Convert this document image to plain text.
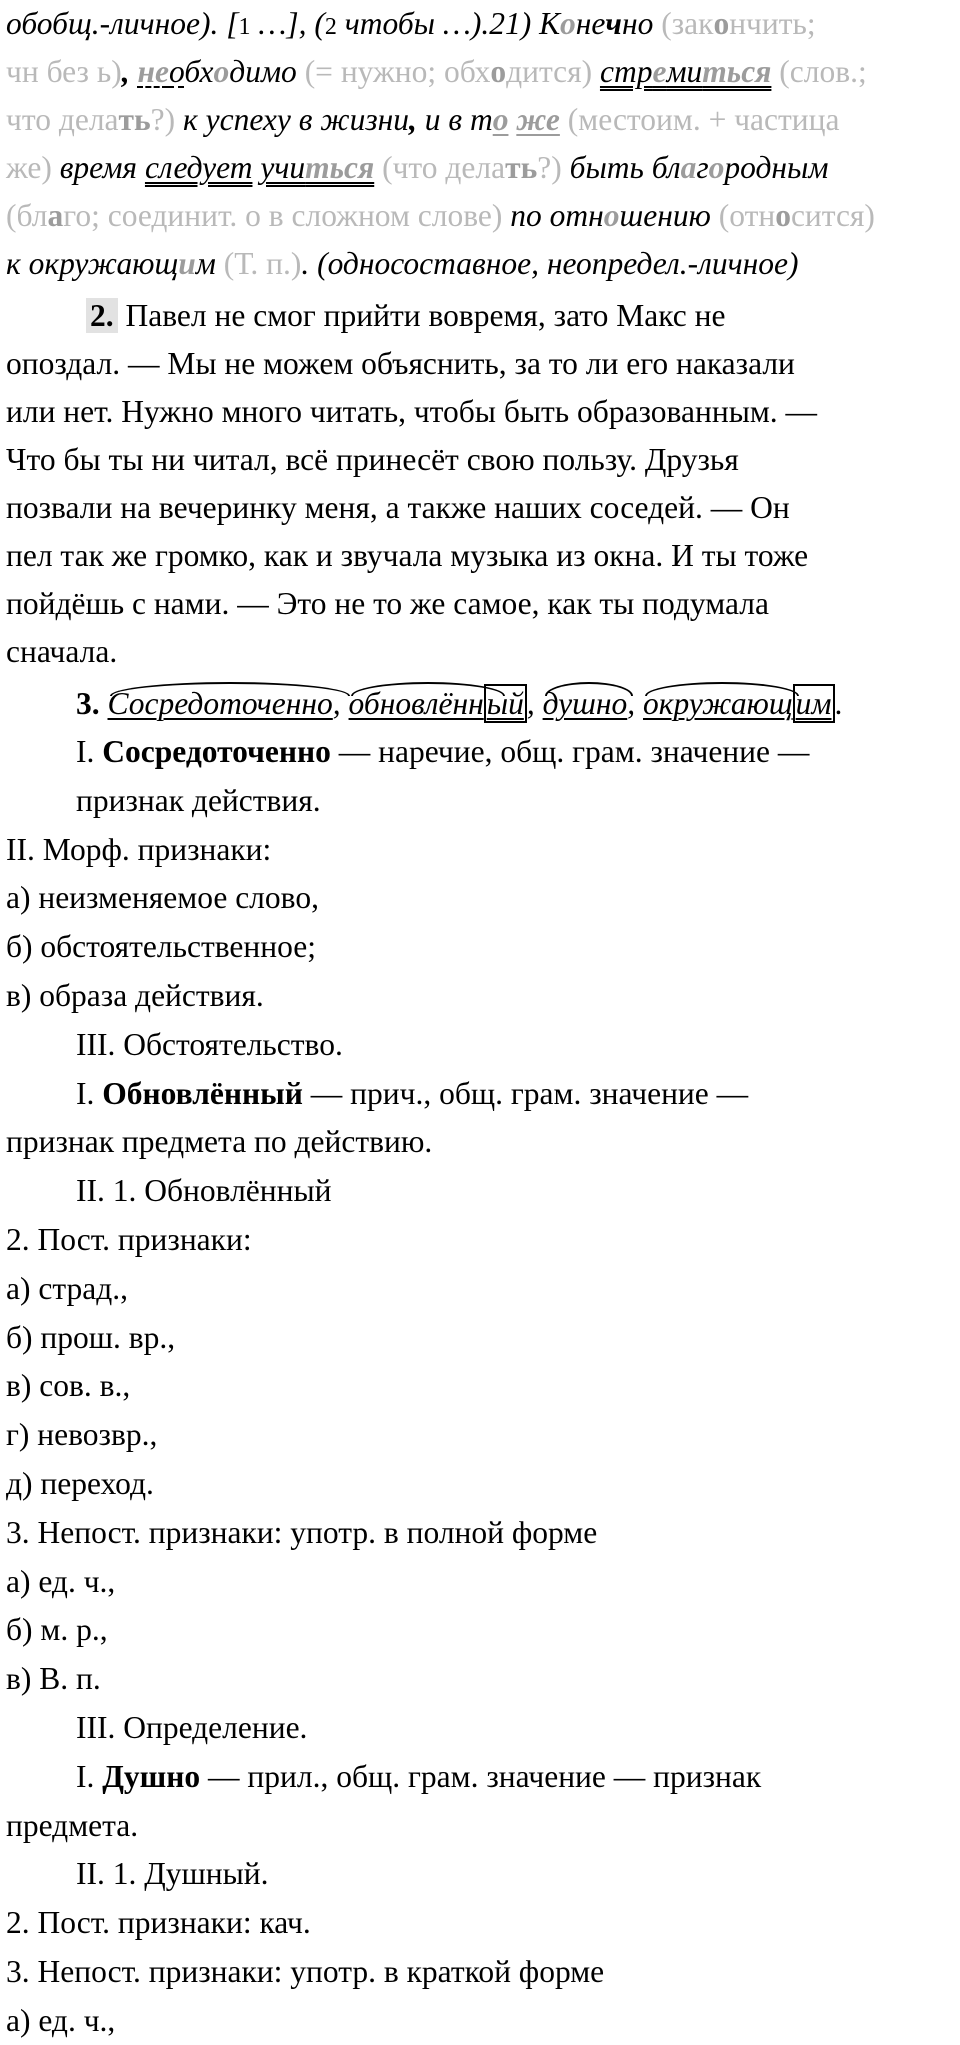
обобщ.-личное). [1 …], (2 чтобы …).21) Конечно (закончить;
чн без ь), необходимо (= нужно; обходится) стремиться (слов.;
что делать?) к успеху в жизни, и в то же (местоим. + частица
же) время следует учиться (что делать?) быть благородным
(благо; соединит. о в сложном слове) по отношению (относится)
к окружающим (Т. п.). (односоставное, неопредел.-личное)
2. Павел не смог прийти вовремя, зато Макс не
опоздал. — Мы не можем объяснить, за то ли его наказали
или нет. Нужно много читать, чтобы быть образованным. —
Что бы ты ни читал, всё принесёт свою пользу. Друзья
позвали на вечеринку меня, а также наших соседей. — Он
пел так же громко, как и звучала музыка из окна. И ты тоже
пойдёшь с нами. — Это не то же самое, как ты подумала
сначала.
3. Сосредоточенно,
обновлённый,
душно,
окружающим.
I. Сосредоточенно — наречие, общ. грам. значение —
признак действия.
II. Морф. признаки:
а) неизменяемое слово,
б) обстоятельственное;
в) образа действия.
III. Обстоятельство.
I. Обновлённый — прич., общ. грам. значение —
признак предмета по действию.
II. 1. Обновлённый
2. Пост. признаки:
а) страд.,
б) прош. вр.,
в) сов. в.,
г) невозвр.,
д) переход.
3. Непост. признаки: употр. в полной форме
а) ед. ч.,
б) м. р.,
в) В. п.
III. Определение.
I. Душно — прил., общ. грам. значение — признак
предмета.
II. 1. Душный.
2. Пост. признаки: кач.
3. Непост. признаки: употр. в краткой форме
а) ед. ч.,
